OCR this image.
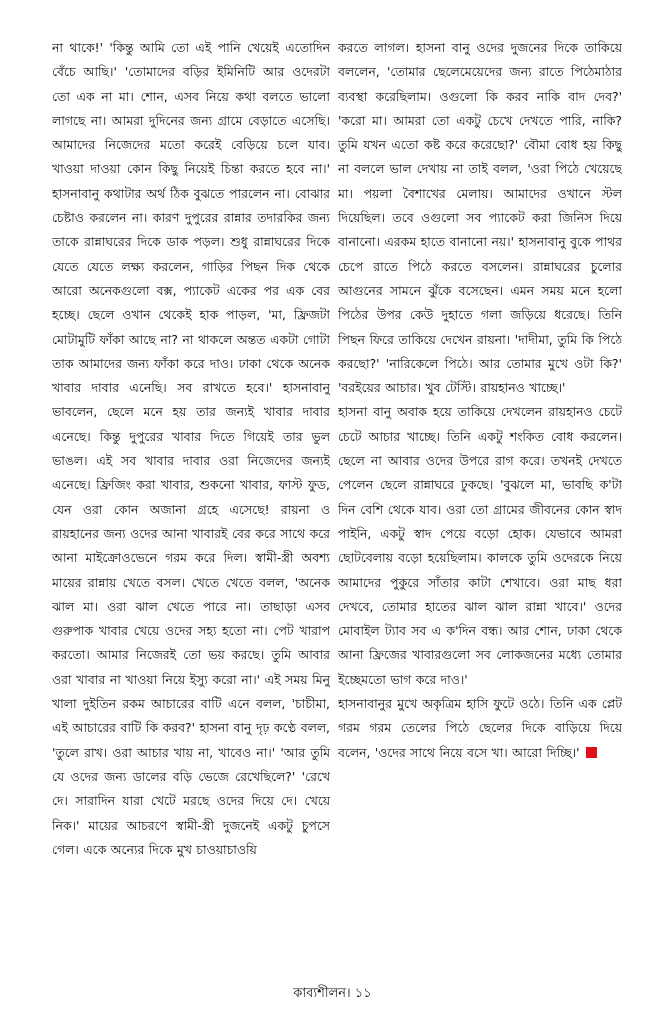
না থাকে!' 'কিন্তু আমি তো এই পানি খেয়েই এতোদিন বেঁচে আছি।' 'তোমাদের বড়ির ইমিনিটি আর ওদেরটা তো এক না মা। শোন, এসব নিয়ে কথা বলতে ভালো লাগছে না। আমরা দুদিনের জন্য গ্রামে বেড়াতে এসেছি। আমাদের নিজেদের মতো করেই বেড়িয়ে চলে যাব। খাওয়া দাওয়া কোন কিছু নিয়েই চিন্তা করতে হবে না।' হাসনাবানু কথাটার অর্থ ঠিক বুঝতে পারলেন না। বোঝার চেষ্টাও করলেন না। কারণ দুপুরের রান্নার তদারকির জন্য তাকে রান্নাঘরের দিকে ডাক পড়ল। শুধু রান্নাঘরের দিকে যেতে যেতে লক্ষ্য করলেন, গাড়ির পিছন দিক থেকে আরো অনেকগুলো বক্স, প্যাকেট একের পর এক বের হচ্ছে। ছেলে ওখান থেকেই হাক পাড়ল, 'মা, ফ্রিজটা মোটামুটি ফাঁকা আছে না? না থাকলে অন্তত একটা গোটা তাক আমাদের জন্য ফাঁকা করে দাও। ঢাকা থেকে অনেক খাবার দাবার এনেছি। সব রাখতে হবে।' হাসনাবানু ভাবলেন, ছেলে মনে হয় তার জন্যই খাবার দাবার এনেছে। কিন্তু দুপুরের খাবার দিতে গিয়েই তার ভুল ভাঙল। এই সব খাবার দাবার ওরা নিজেদের জন্যই এনেছে। ফ্রিজিং করা খাবার, শুকনো খাবার, ফাস্ট ফুড, যেন ওরা কোন অজানা গ্রহে এসেছে! রায়না ও রায়হানের জন্য ওদের আনা খাবারই বের করে সাথে করে আনা মাইক্রোওভেনে গরম করে দিল। স্বামী-স্ত্রী অবশ্য মায়ের রান্নায় খেতে বসল। খেতে খেতে বলল, 'অনেক ঝাল মা। ওরা ঝাল খেতে পারে না। তাছাড়া এসব গুরুপাক খাবার খেয়ে ওদের সহ্য হতো না। পেট খারাপ করতো। আমার নিজেরই তো ভয় করছে। তুমি আবার ওরা খাবার না খাওয়া নিয়ে ইস্যু করো না।' এই সময় মিনু খালা দুইতিন রকম আচারের বাটি এনে বলল, 'চাচীমা, এই আচারের বাটি কি করব?' হাসনা বানু দৃঢ় কণ্ঠে বলল, 'তুলে রাখ। ওরা আচার খায় না, খাবেও না।' 'আর তুমি যে ওদের জন্য ডালের বড়ি ভেজে রেখেছিলে?' 'রেখে দে। সারাদিন যারা খেটে মরছে ওদের দিয়ে দে। খেয়ে নিক।' মায়ের আচরণে স্বামী-স্ত্রী দুজনেই একটু চুপসে গেল। একে অন্যের দিকে মুখ চাওয়াচাওয়ি

করতে লাগল। হাসনা বানু ওদের দুজনের দিকে তাকিয়ে বললেন, 'তোমার ছেলেমেয়েদের জন্য রাতে পিঠেমাঠার ব্যবস্থা করেছিলাম। ওগুলো কি করব নাকি বাদ দেব?' 'করো মা। আমরা তো একটু চেখে দেখতে পারি, নাকি? তুমি যখন এতো কষ্ট করে করেছো?' বৌমা বোধ হয় কিছু না বললে ভাল দেখায় না তাই বলল, 'ওরা পিঠে খেয়েছে মা। পয়লা বৈশাখের মেলায়। আমাদের ওখানে স্টল দিয়েছিল। তবে ওগুলো সব প্যাকেট করা জিনিস দিয়ে বানানো। এরকম হাতে বানানো নয়।' হাসনাবানু বুকে পাথর চেপে রাতে পিঠে করতে বসলেন। রান্নাঘরের চুলোর আগুনের সামনে ঝুঁকে বসেছেন। এমন সময় মনে হলো পিঠের উপর কেউ দুহাতে গলা জড়িয়ে ধরেছে। তিনি পিছন ফিরে তাকিয়ে দেখেন রায়না। 'দাদীমা, তুমি কি পিঠে করছো?' 'নারিকেলে পিঠে। আর তোমার মুখে ওটা কি?' 'বরইয়ের আচার। খুব টেস্টি। রায়হানও খাচ্ছে।'

হাসনা বানু অবাক হয়ে তাকিয়ে দেখলেন রায়হানও চেটে চেটে আচার খাচ্ছে। তিনি একটু শংকিত বোধ করলেন। ছেলে না আবার ওদের উপরে রাগ করে। তখনই দেখতে পেলেন ছেলে রান্নাঘরে ঢুকছে। 'বুঝলে মা, ভাবছি ক'টা দিন বেশি থেকে যাব। ওরা তো গ্রামের জীবনের কোন স্বাদ পাইনি, একটু স্বাদ পেয়ে বড়ো হোক। যেভাবে আমরা ছোটবেলায় বড়ো হয়েছিলাম। কালকে তুমি ওদেরকে নিয়ে আমাদের পুকুরে সাঁতার কাটা শেখাবে। ওরা মাছ ধরা দেখবে, তোমার হাতের ঝাল ঝাল রান্না খাবে।' ওদের মোবাইল ট্যাব সব এ ক'দিন বন্ধ। আর শোন, ঢাকা থেকে আনা ফ্রিজের খাবারগুলো সব লোকজনের মধ্যে তোমার ইচ্ছেমতো ভাগ করে দাও।'

হাসনাবানুর মুখে অকৃত্রিম হাসি ফুটে ওঠে। তিনি এক প্লেট গরম গরম তেলের পিঠে ছেলের দিকে বাড়িয়ে দিয়ে বলেন, 'ওদের সাথে নিয়ে বসে খা। আরো দিচ্ছি।'

কাব্যশীলন। ১১
